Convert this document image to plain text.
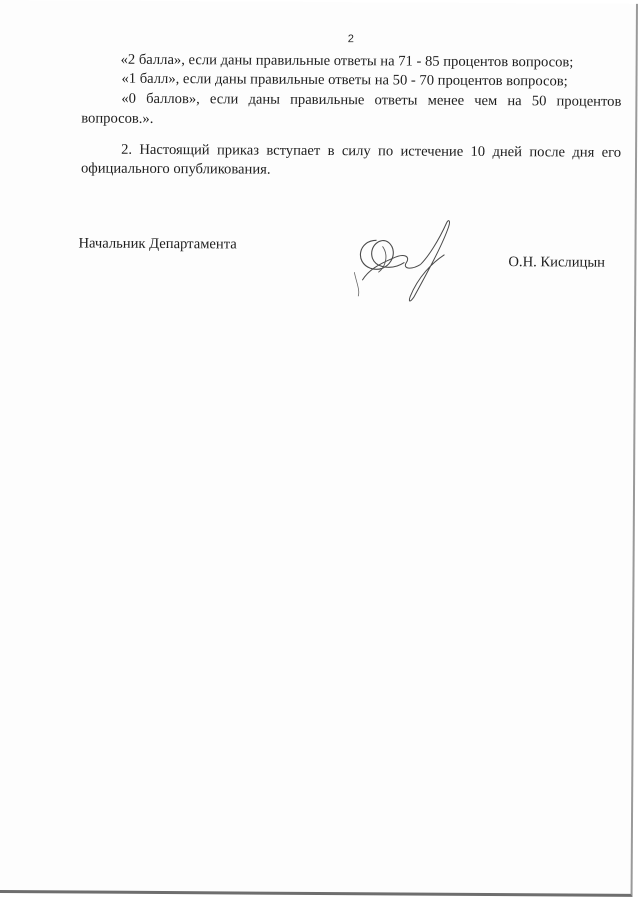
2
«2 балла», если даны правильные ответы на 71 - 85 процентов вопросов;
«1 балл», если даны правильные ответы на 50 - 70 процентов вопросов;
«0 баллов», если даны правильные ответы менее чем на 50 процентов
вопросов.».
2. Настоящий приказ вступает в силу по истечение 10 дней после дня его
официального опубликования.
Начальник Департамента
О.Н. Кислицын
